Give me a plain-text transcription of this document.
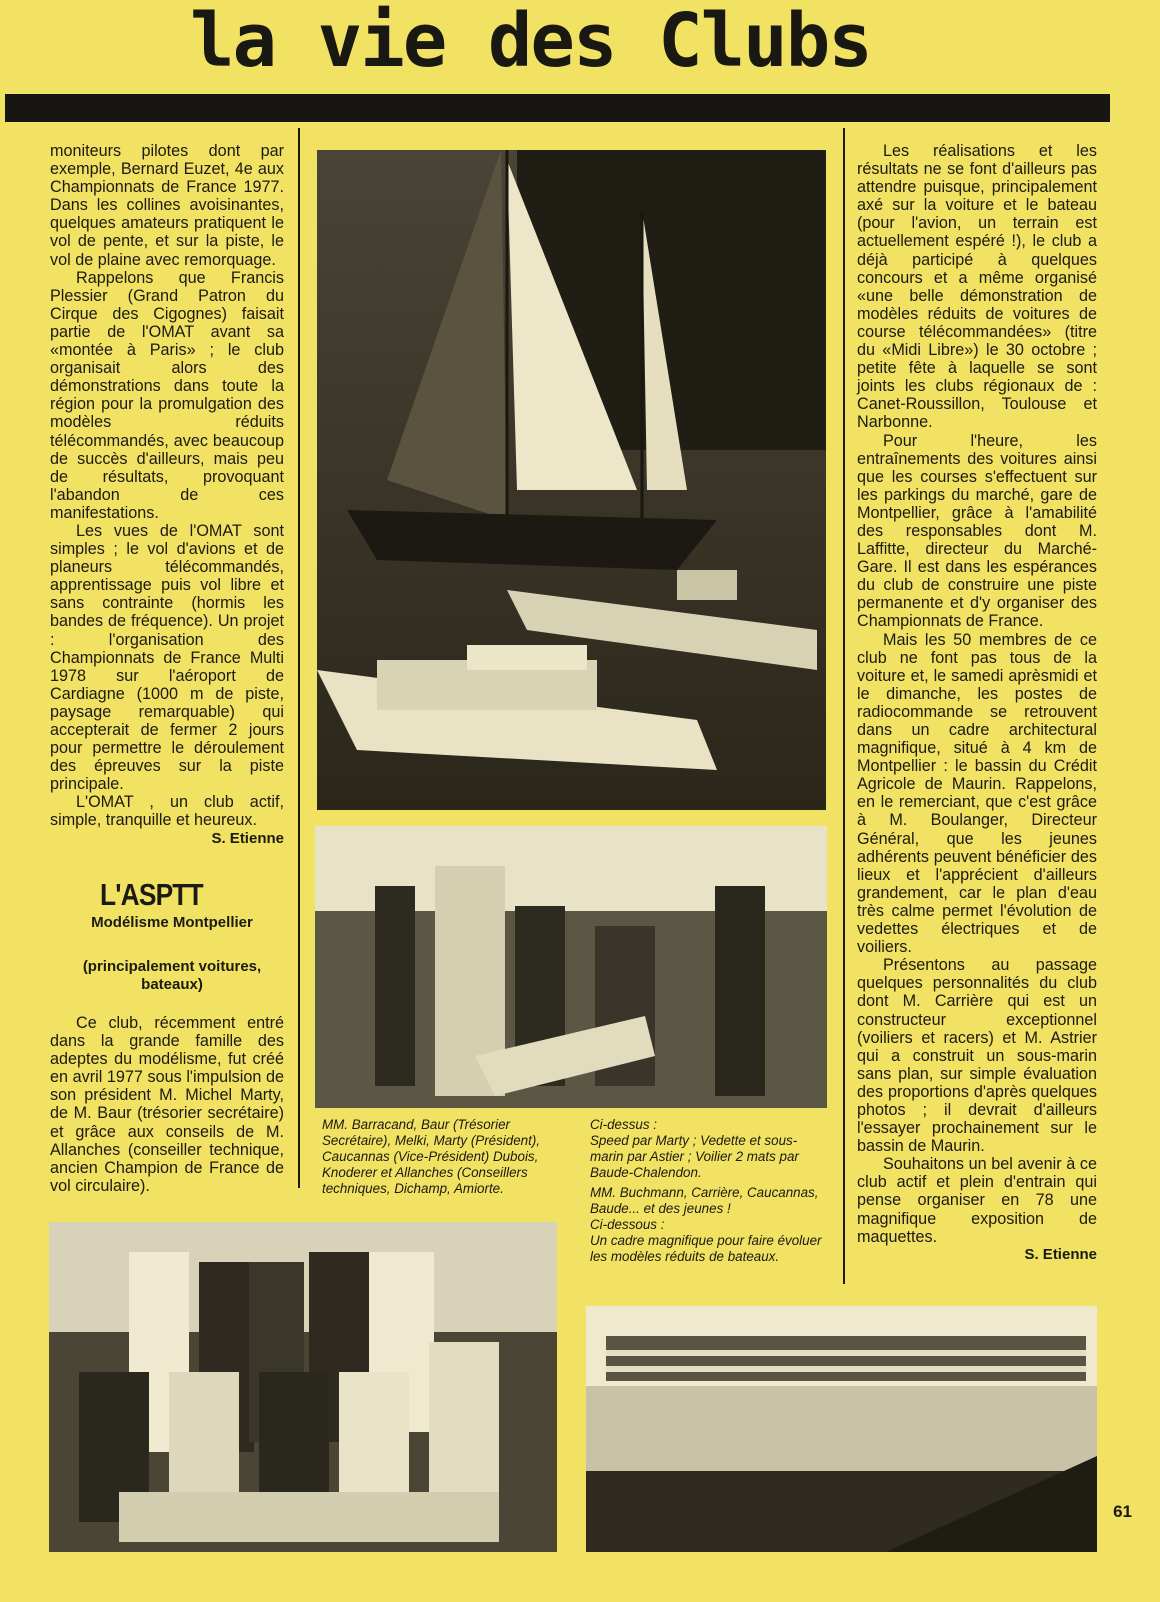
la vie des Clubs

moniteurs pilotes dont par exemple, Bernard Euzet, 4e aux Championnats de France 1977. Dans les collines avoisinantes, quelques amateurs pratiquent le vol de pente, et sur la piste, le vol de plaine avec remorquage.

Rappelons que Francis Plessier (Grand Patron du Cirque des Cigognes) faisait partie de l'OMAT avant sa «montée à Paris» ; le club organisait alors des démonstrations dans toute la région pour la promulgation des modèles réduits télécommandés, avec beaucoup de succès d'ailleurs, mais peu de résultats, provoquant l'abandon de ces manifestations.

Les vues de l'OMAT sont simples ; le vol d'avions et de planeurs télécommandés, apprentissage puis vol libre et sans contrainte (hormis les bandes de fréquence). Un projet : l'organisation des Championnats de France Multi 1978 sur l'aéroport de Cardiagne (1000 m de piste, paysage remarquable) qui accepterait de fermer 2 jours pour permettre le déroulement des épreuves sur la piste principale.

L'OMAT , un club actif, simple, tranquille et heureux.

S. Etienne
L'ASPTT
Modélisme Montpellier
(principalement voitures, bateaux)

Ce club, récemment entré dans la grande famille des adeptes du modélisme, fut créé en avril 1977 sous l'impulsion de son président M. Michel Marty, de M. Baur (trésorier secrétaire) et grâce aux conseils de M. Allanches (conseiller technique, ancien Champion de France de vol circulaire).

Les réalisations et les résultats ne se font d'ailleurs pas attendre puisque, principalement axé sur la voiture et le bateau (pour l'avion, un terrain est actuellement espéré !), le club a déjà participé à quelques concours et a même organisé «une belle démonstration de modèles réduits de voitures de course télécommandées» (titre du «Midi Libre») le 30 octobre ; petite fête à laquelle se sont joints les clubs régionaux de : Canet-Roussillon, Toulouse et Narbonne.

Pour l'heure, les entraînements des voitures ainsi que les courses s'effectuent sur les parkings du marché, gare de Montpellier, grâce à l'amabilité des responsables dont M. Laffitte, directeur du Marché-Gare. Il est dans les espérances du club de construire une piste permanente et d'y organiser des Championnats de France.

Mais les 50 membres de ce club ne font pas tous de la voiture et, le samedi aprèsmidi et le dimanche, les postes de radiocommande se retrouvent dans un cadre architectural magnifique, situé à 4 km de Montpellier : le bassin du Crédit Agricole de Maurin. Rappelons, en le remerciant, que c'est grâce à M. Boulanger, Directeur Général, que les jeunes adhérents peuvent bénéficier des lieux et l'apprécient d'ailleurs grandement, car le plan d'eau très calme permet l'évolution de vedettes électriques et de voiliers.

Présentons au passage quelques personnalités du club dont M. Carrière qui est un constructeur exceptionnel (voiliers et racers) et M. Astrier qui a construit un sous-marin sans plan, sur simple évaluation des proportions d'après quelques photos ; il devrait d'ailleurs l'essayer prochainement sur le bassin de Maurin.

Souhaitons un bel avenir à ce club actif et plein d'entrain qui pense organiser en 78 une magnifique exposition de maquettes.

S. Etienne
MM. Barracand, Baur (Trésorier Secrétaire), Melki, Marty (Président), Caucannas (Vice-Président) Dubois, Knoderer et Allanches (Conseillers techniques, Dichamp, Amiorte.
Ci-dessus :
Speed par Marty ; Vedette et sous-marin par Astier ; Voilier 2 mats par Baude-Chalendon.
MM. Buchmann, Carrière, Caucannas, Baude... et des jeunes !
Ci-dessous :
Un cadre magnifique pour faire évoluer les modèles réduits de bateaux.
61
